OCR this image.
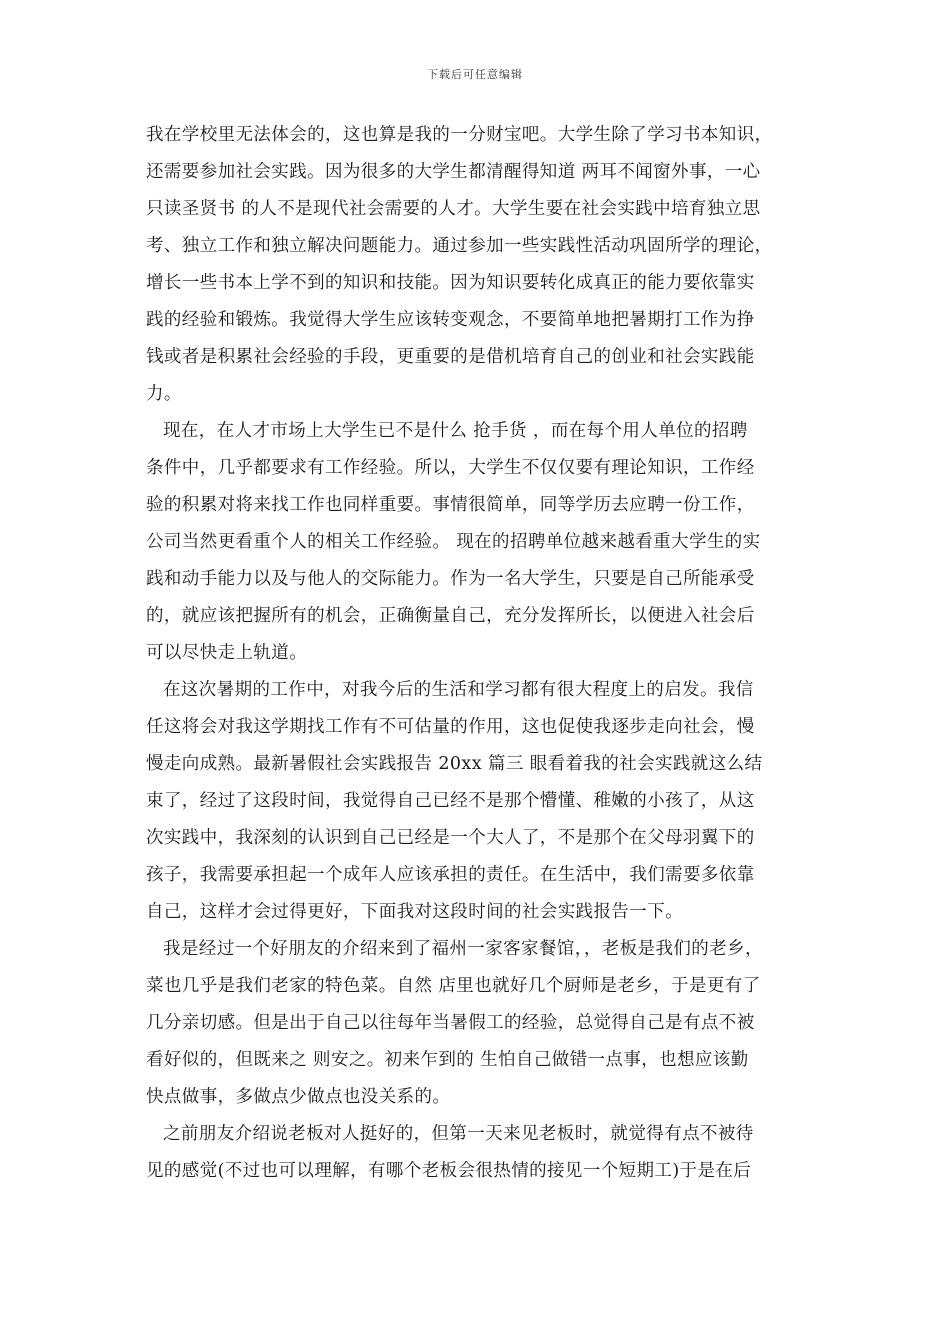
下载后可任意编辑
我在学校里无法体会的，这也算是我的一分财宝吧。大学生除了学习书本知识，
还需要参加社会实践。因为很多的大学生都清醒得知道 两耳不闻窗外事，一心
只读圣贤书 的人不是现代社会需要的人才。大学生要在社会实践中培育独立思
考、独立工作和独立解决问题能力。通过参加一些实践性活动巩固所学的理论，
增长一些书本上学不到的知识和技能。因为知识要转化成真正的能力要依靠实
践的经验和锻炼。我觉得大学生应该转变观念，不要简单地把暑期打工作为挣
钱或者是积累社会经验的手段，更重要的是借机培育自己的创业和社会实践能
力。
现在，在人才市场上大学生已不是什么 抢手货 ，而在每个用人单位的招聘
条件中，几乎都要求有工作经验。所以，大学生不仅仅要有理论知识，工作经
验的积累对将来找工作也同样重要。事情很简单，同等学历去应聘一份工作，
公司当然更看重个人的相关工作经验。 现在的招聘单位越来越看重大学生的实
践和动手能力以及与他人的交际能力。作为一名大学生，只要是自己所能承受
的，就应该把握所有的机会，正确衡量自己，充分发挥所长，以便进入社会后
可以尽快走上轨道。
在这次暑期的工作中，对我今后的生活和学习都有很大程度上的启发。我信
任这将会对我这学期找工作有不可估量的作用，这也促使我逐步走向社会，慢
慢走向成熟。最新暑假社会实践报告 20xx 篇三 眼看着我的社会实践就这么结
束了，经过了这段时间，我觉得自己已经不是那个懵懂、稚嫩的小孩了，从这
次实践中，我深刻的认识到自己已经是一个大人了，不是那个在父母羽翼下的
孩子，我需要承担起一个成年人应该承担的责任。在生活中，我们需要多依靠
自己，这样才会过得更好，下面我对这段时间的社会实践报告一下。
我是经过一个好朋友的介绍来到了福州一家客家餐馆，，老板是我们的老乡，
菜也几乎是我们老家的特色菜。自然 店里也就好几个厨师是老乡，于是更有了
几分亲切感。但是出于自己以往每年当暑假工的经验，总觉得自己是有点不被
看好似的，但既来之 则安之。初来乍到的 生怕自己做错一点事，也想应该勤
快点做事，多做点少做点也没关系的。
之前朋友介绍说老板对人挺好的，但第一天来见老板时，就觉得有点不被待
见的感觉(不过也可以理解，有哪个老板会很热情的接见一个短期工)于是在后
